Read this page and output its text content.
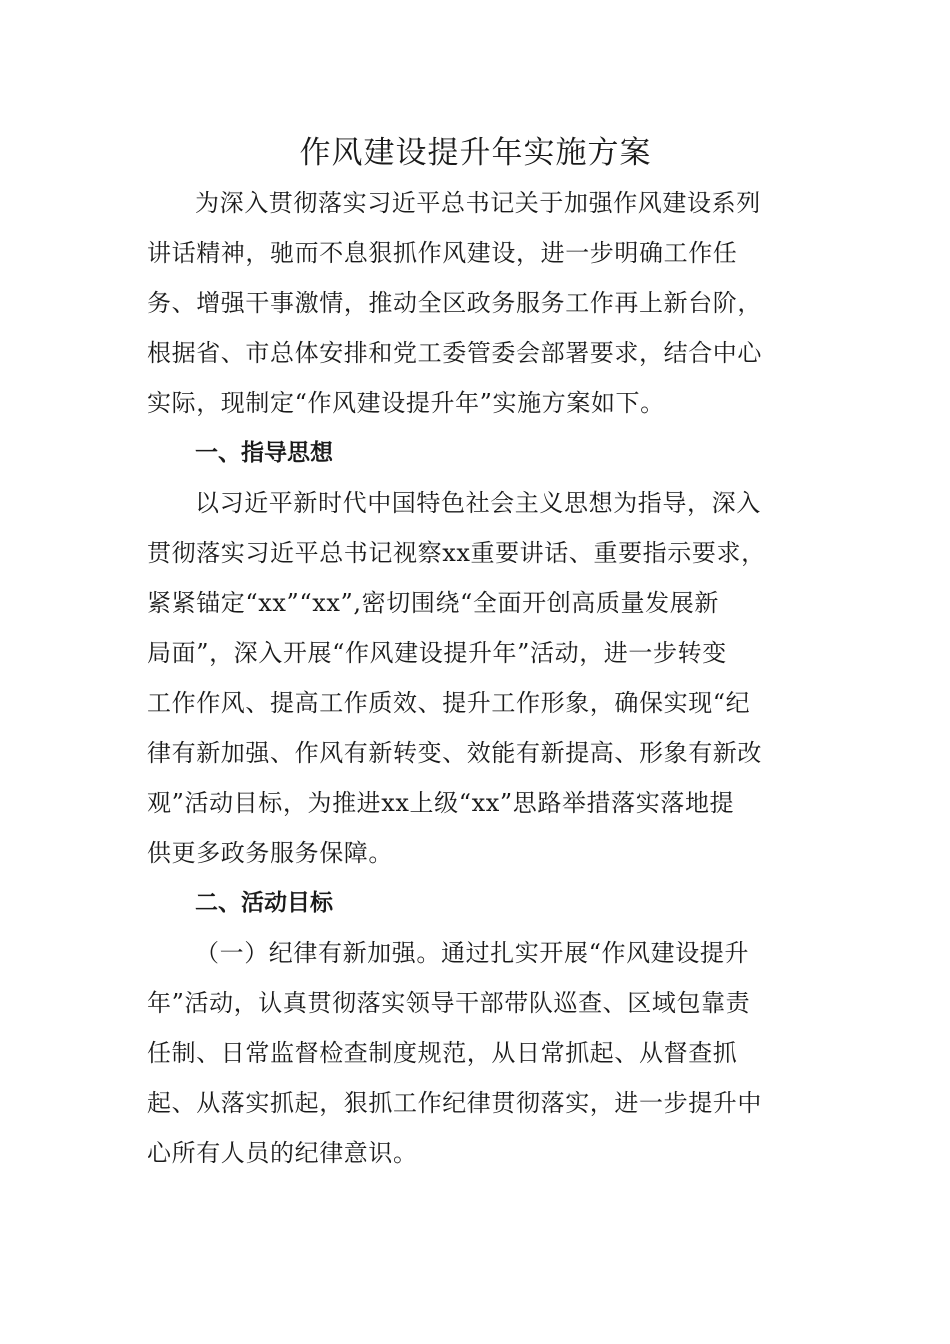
作风建设提升年实施方案

为深入贯彻落实习近平总书记关于加强作风建设系列
讲话精神，驰而不息狠抓作风建设，进一步明确工作任
务、增强干事激情，推动全区政务服务工作再上新台阶，
根据省、市总体安排和党工委管委会部署要求，结合中心
实际，现制定“作风建设提升年”实施方案如下。

一、指导思想

以习近平新时代中国特色社会主义思想为指导，深入
贯彻落实习近平总书记视察xx重要讲话、重要指示要求，
紧紧锚定“xx”“xx”,密切围绕“全面开创高质量发展新
局面”，深入开展“作风建设提升年”活动，进一步转变
工作作风、提高工作质效、提升工作形象，确保实现“纪
律有新加强、作风有新转变、效能有新提高、形象有新改
观”活动目标，为推进xx上级“xx”思路举措落实落地提
供更多政务服务保障。

二、活动目标

（一）纪律有新加强。通过扎实开展“作风建设提升
年”活动，认真贯彻落实领导干部带队巡查、区域包靠责
任制、日常监督检查制度规范，从日常抓起、从督查抓
起、从落实抓起，狠抓工作纪律贯彻落实，进一步提升中
心所有人员的纪律意识。
